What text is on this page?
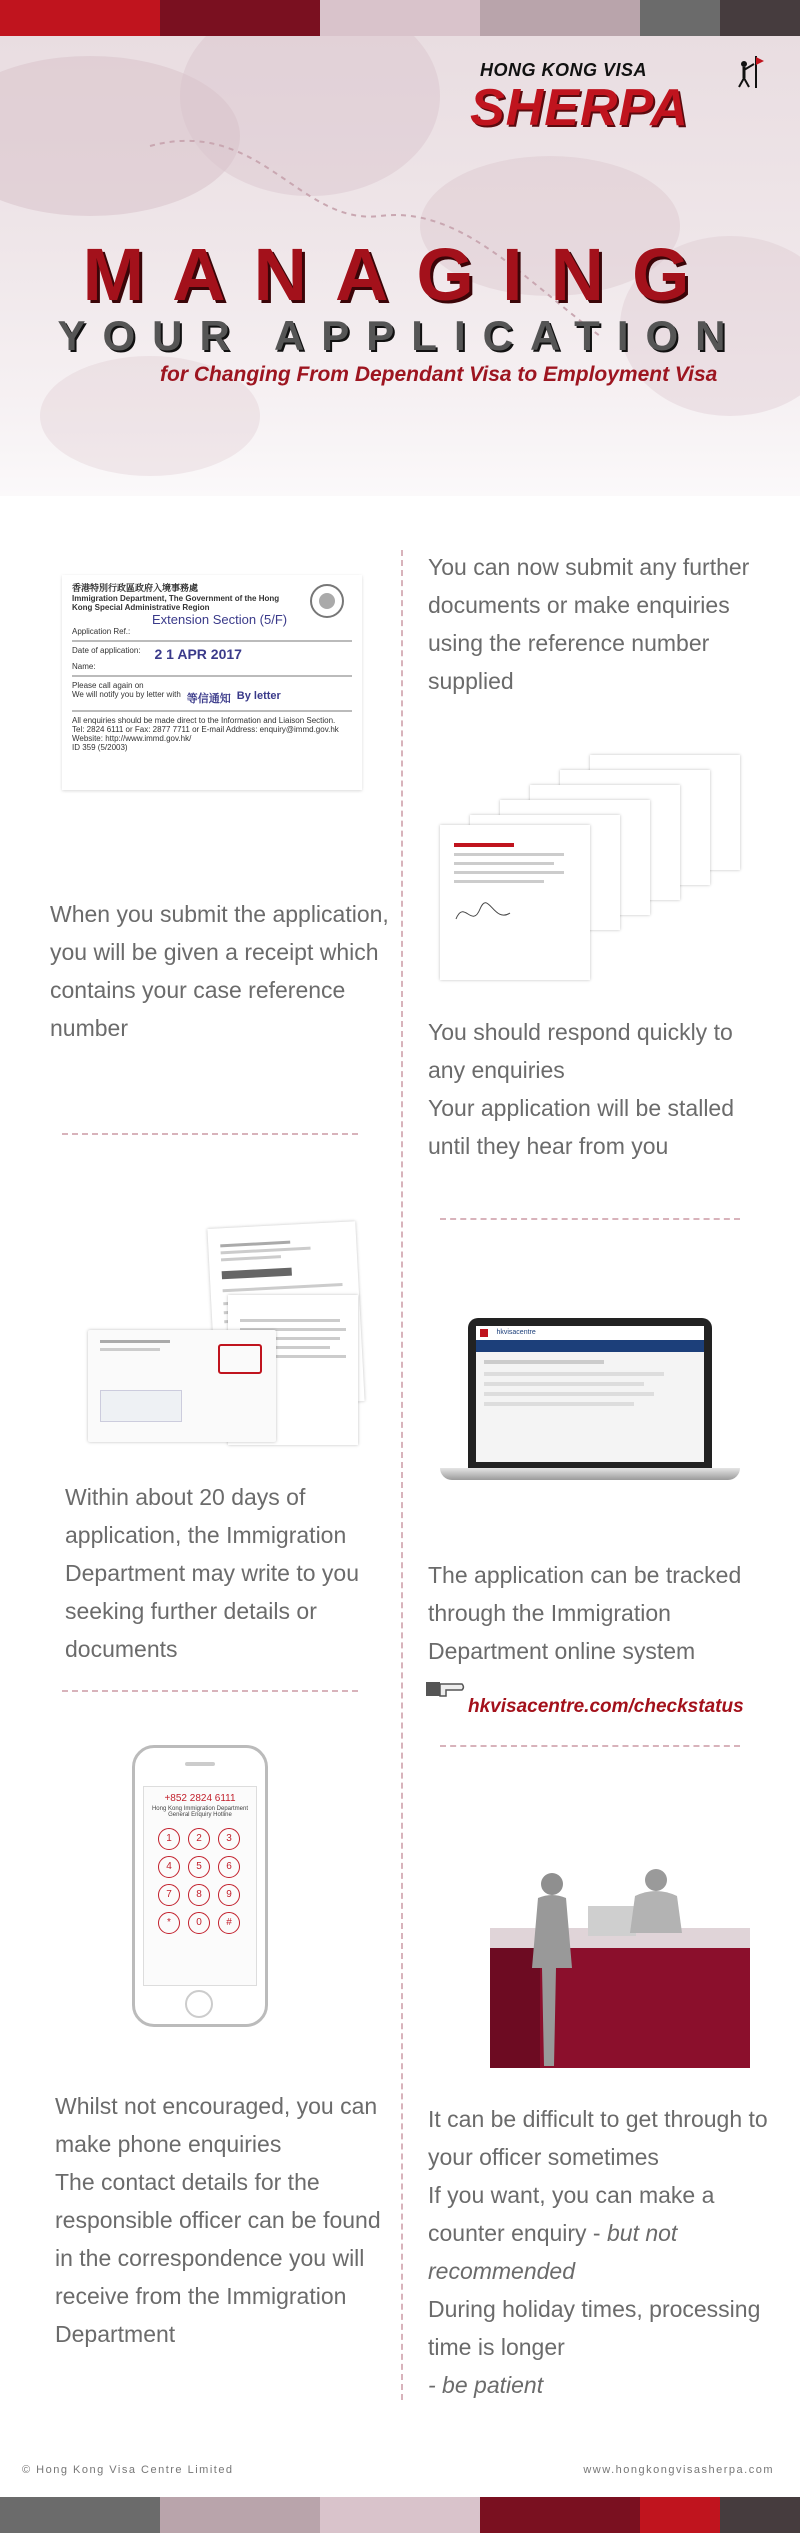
HONG KONG VISA
SHERPA
MANAGING
YOUR APPLICATION
for Changing From Dependant Visa to Employment Visa
香港特別行政區政府入境事務處
Immigration Department, The Government of the Hong Kong Special Administrative Region
Extension Section (5/F)
Application Ref.:
Date of application: 2 1 APR 2017
Name:
Please call again on
We will notify you by letter with 等信通知 By letter
All enquiries should be made direct to the Information and Liaison Section.
Tel: 2824 6111 or Fax: 2877 7711 or E-mail Address: enquiry@immd.gov.hk
Website: http://www.immd.gov.hk/
ID 359 (5/2003)
When you submit the application, you will be given a receipt which contains your case reference number
You can now submit any further documents or make enquiries using the reference number supplied
You should respond quickly to any enquiries
Your application will be stalled until they hear from you
Within about 20 days of application, the Immigration Department may write to you seeking further details or documents
$^{hkvisacentre}$
The application can be tracked through the Immigration Department online system
hkvisacentre.com/checkstatus
+852 2824 6111
Hong Kong Immigration Department
General Enquiry Hotline
1	2	3
4	5	6
7	8	9
*	0	#
Whilst not encouraged, you can make phone enquiries
The contact details for the responsible officer can be found in the correspondence you will receive from the Immigration Department
It can be difficult to get through to your officer sometimes
If you want, you can make a counter enquiry - but not recommended
During holiday times, processing time is longer
- be patient
© Hong Kong Visa Centre Limited	www.hongkongvisasherpa.com
